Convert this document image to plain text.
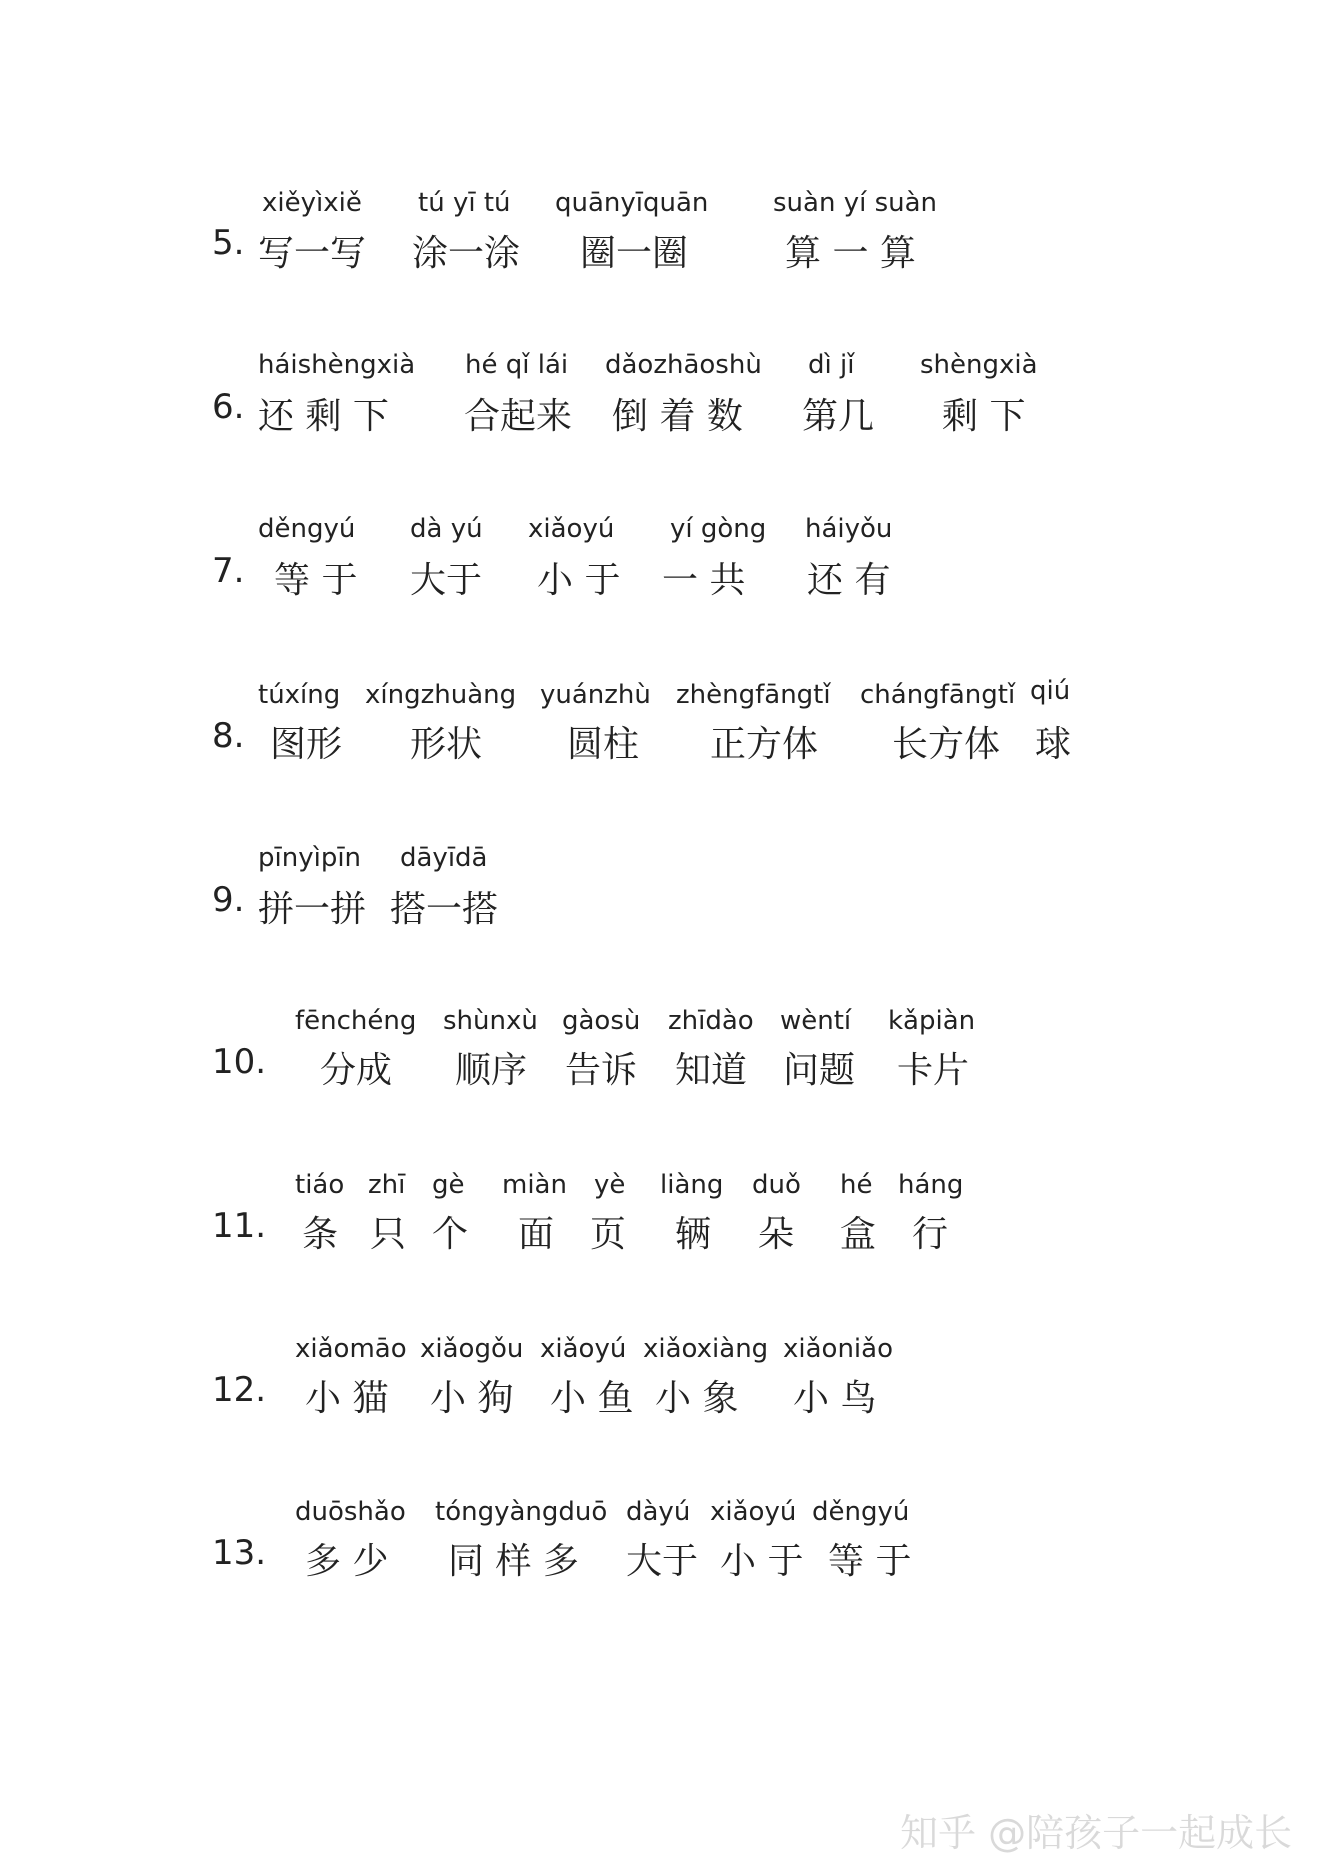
5.
xiěyìxiě
写一写
tú yī tú
涂一涂
quānyīquān
圈一圈
suàn yí suàn
算 一 算
6.
háishèngxià
还 剩 下
hé qǐ lái
合起来
dǎozhāoshù
倒 着 数
dì jǐ
第几
shèngxià
剩 下
7.
děngyú
等 于
dà yú
大于
xiǎoyú
小 于
yí gòng
一 共
háiyǒu
还 有
8.
túxíng
图形
xíngzhuàng
形状
yuánzhù
圆柱
zhèngfāngtǐ
正方体
chángfāngtǐ
长方体
qiú
球
9.
pīnyìpīn
拼一拼
dāyīdā
搭一搭
10.
fēnchéng
分成
shùnxù
顺序
gàosù
告诉
zhīdào
知道
wèntí
问题
kǎpiàn
卡片
11.
tiáo
条
zhī
只
gè
个
miàn
面
yè
页
liàng
辆
duǒ
朵
hé
盒
háng
行
12.
xiǎomāo
小 猫
xiǎogǒu
小 狗
xiǎoyú
小 鱼
xiǎoxiàng
小 象
xiǎoniǎo
小 鸟
13.
duōshǎo
多 少
tóngyàngduō
同 样 多
dàyú
大于
xiǎoyú
小 于
děngyú
等 于
知乎 @陪孩子一起成长
